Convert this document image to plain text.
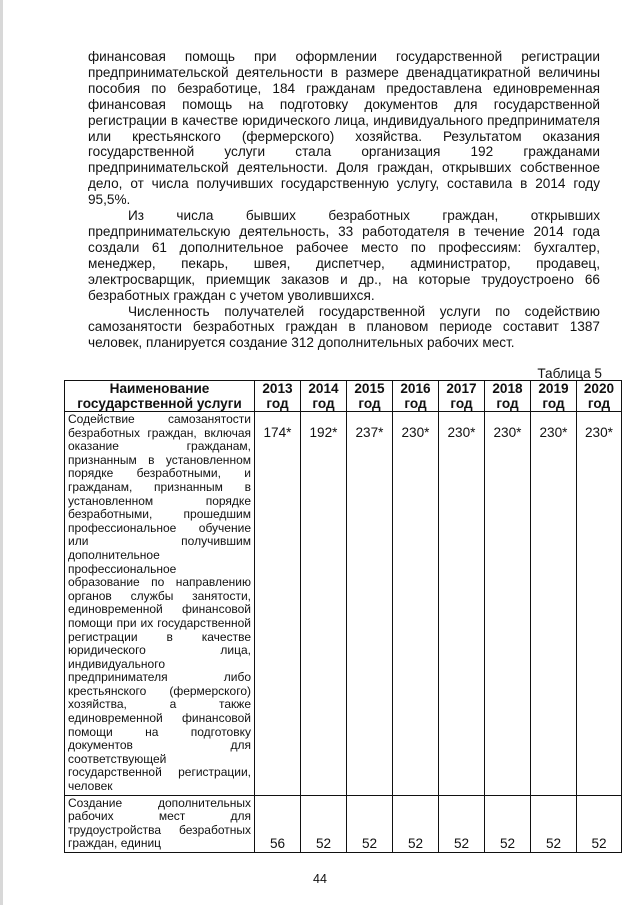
финансовая помощь при оформлении государственной регистрации предпринимательской деятельности в размере двенадцатикратной величины пособия по безработице, 184 гражданам предоставлена единовременная финансовая помощь на подготовку документов для государственной регистрации в качестве юридического лица, индивидуального предпринимателя или крестьянского (фермерского) хозяйства. Результатом оказания государственной услуги стала организация 192 гражданами предпринимательской деятельности. Доля граждан, открывших собственное дело, от числа получивших государственную услугу, составила в 2014 году 95,5%.

Из числа бывших безработных граждан, открывших предпринимательскую деятельность, 33 работодателя в течение 2014 года создали 61 дополнительное рабочее место по профессиям: бухгалтер, менеджер, пекарь, швея, диспетчер, администратор, продавец, электросварщик, приемщик заказов и др., на которые трудоустроено 66 безработных граждан с учетом уволившихся.

Численность получателей государственной услуги по содействию самозанятости безработных граждан в плановом периоде составит 1387 человек, планируется создание 312 дополнительных рабочих мест.

Таблица 5
Наименование государственной услуги	2013 год	2014 год	2015 год	2016 год	2017 год	2018 год	2019 год	2020 год
Содействие самозанятости безработных граждан, включая оказание гражданам, признанным в установленном порядке безработными, и гражданам, признанным в установленном порядке безработными, прошедшим профессиональное обучение или получившим дополнительное профессиональное образование по направлению органов службы занятости, единовременной финансовой помощи при их государственной регистрации в качестве юридического лица, индивидуального предпринимателя либо крестьянского (фермерского) хозяйства, а также единовременной финансовой помощи на подготовку документов для соответствующей государственной регистрации, человек	174*	192*	237*	230*	230*	230*	230*	230*
Создание дополнительных рабочих мест для трудоустройства безработных граждан, единиц	56	52	52	52	52	52	52	52
44
